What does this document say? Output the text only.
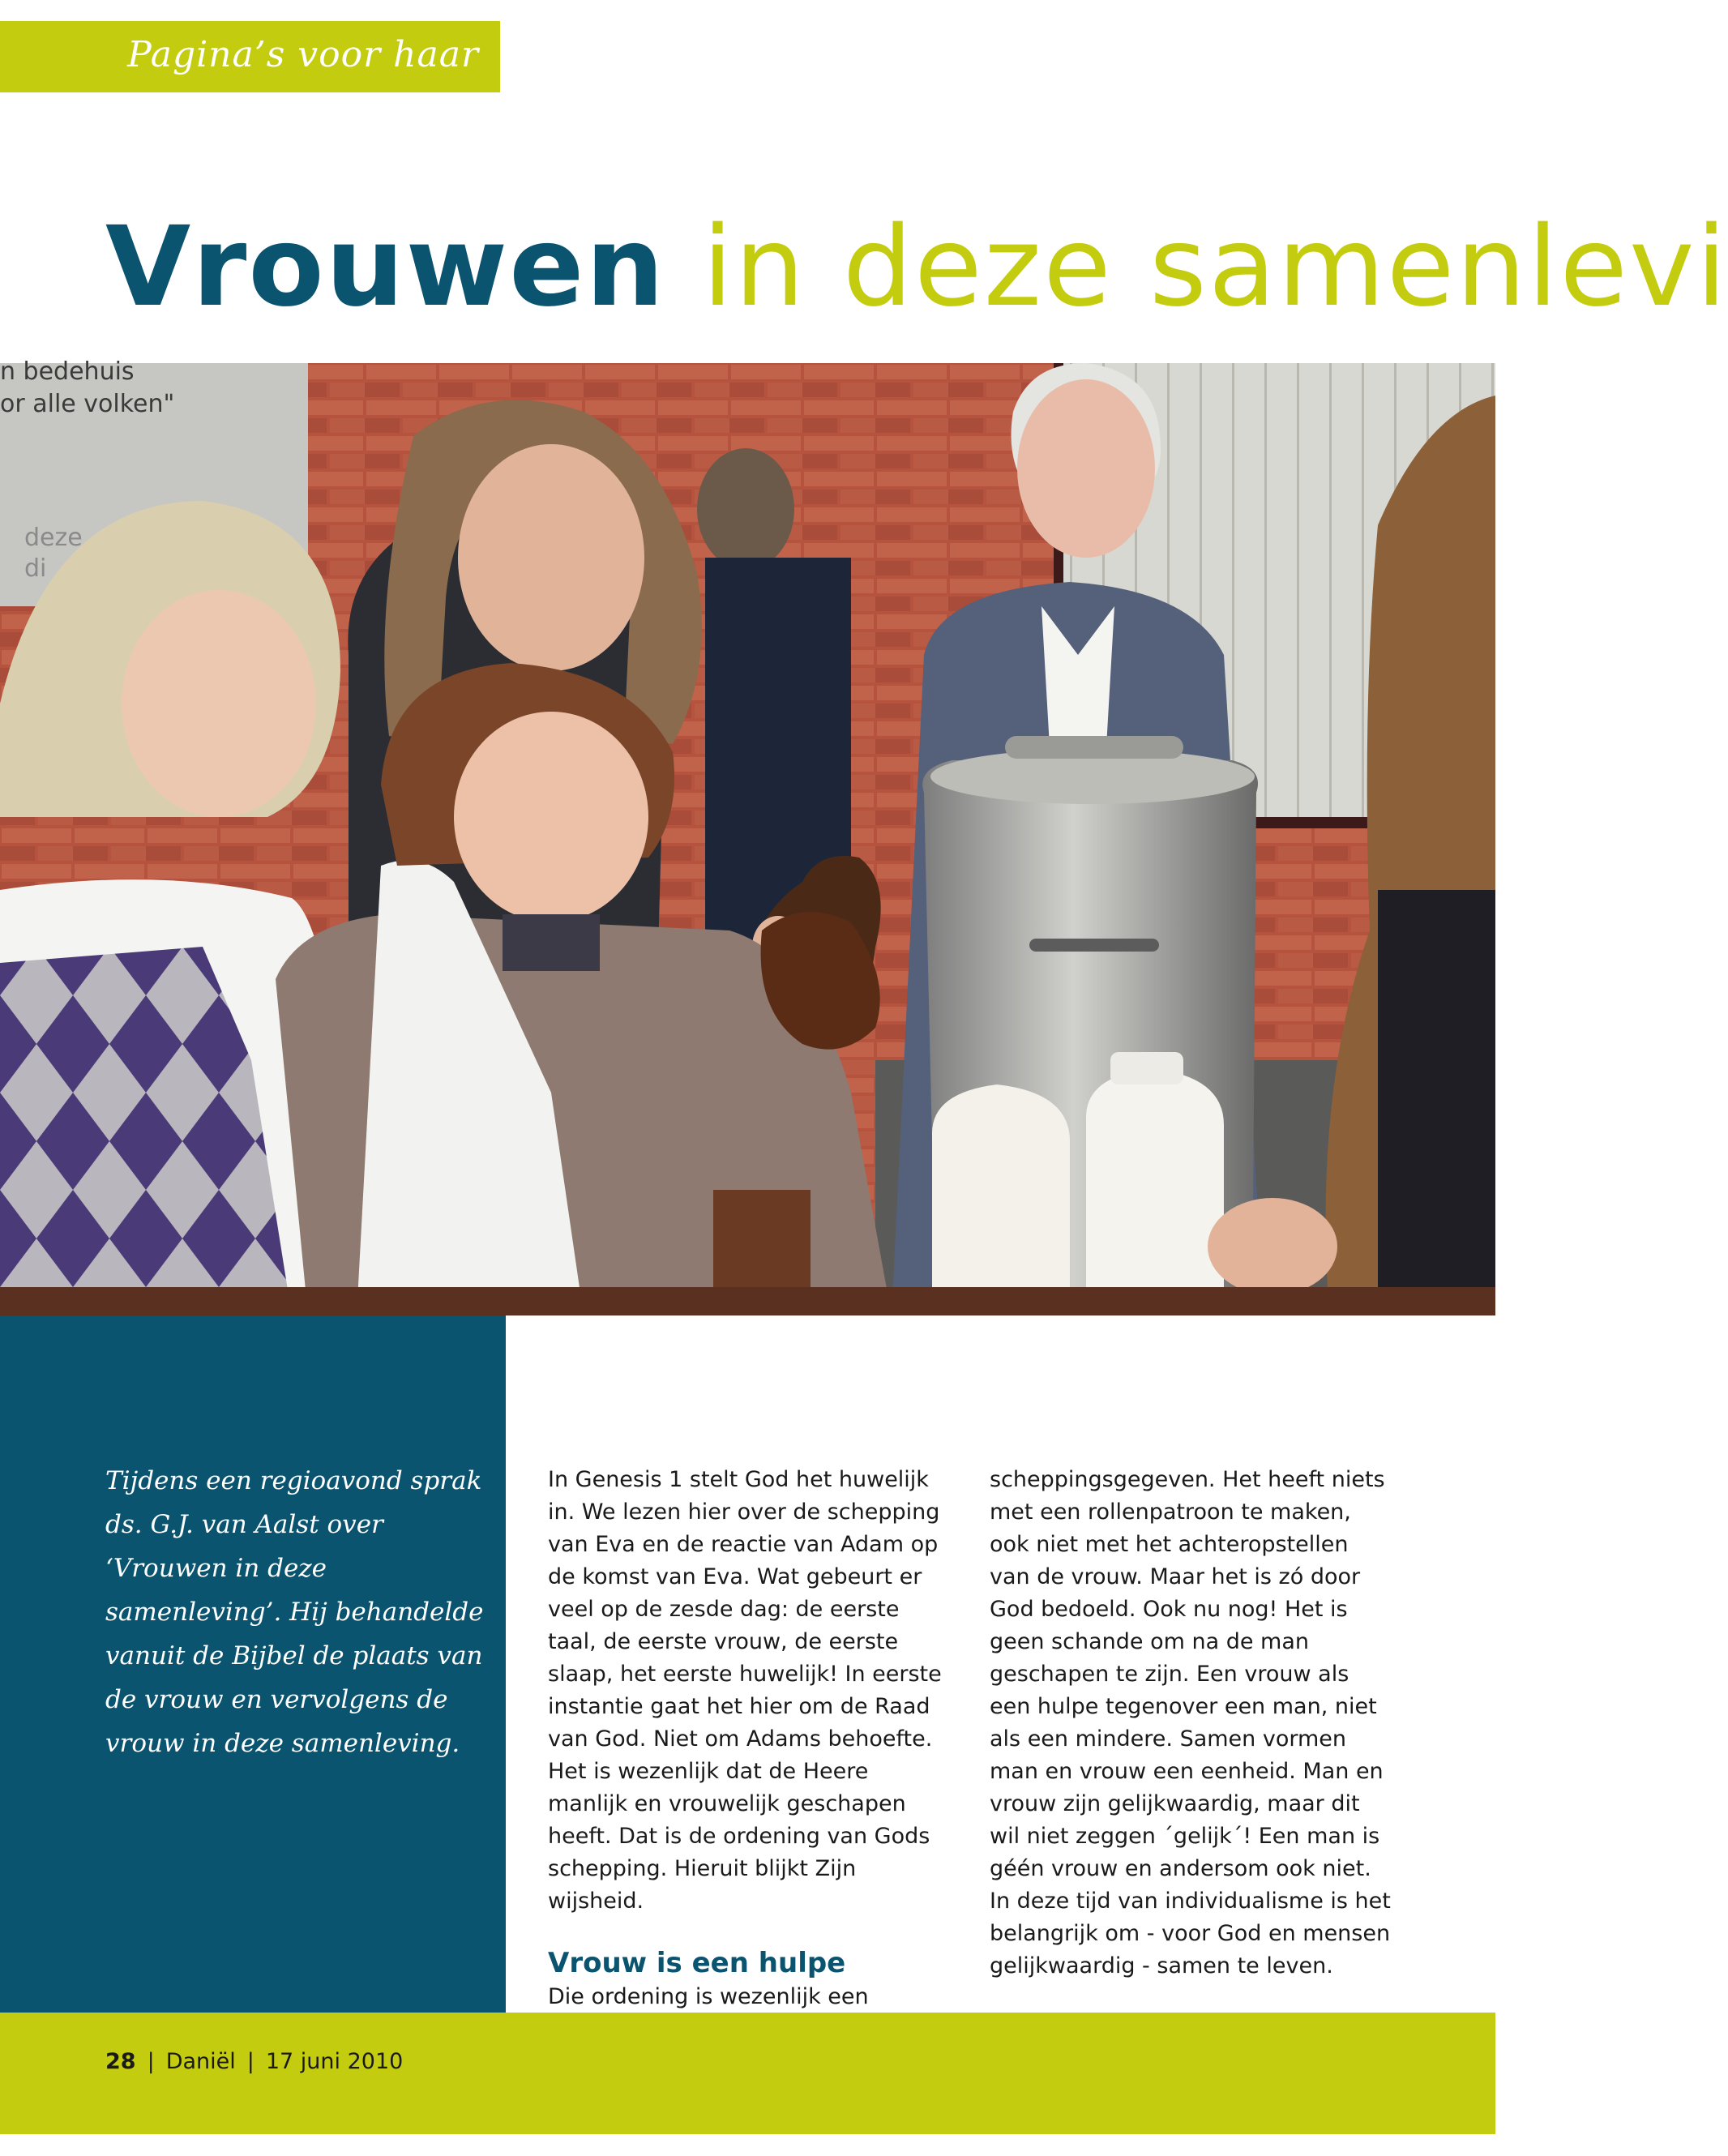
Pagina’s voor haar
Vrouwen in deze samenlevi
n bedehuis
or alle volken"
deze
di
Tijdens een regioavond sprak ds. G.J. van Aalst over ‘Vrouwen in deze samenleving’. Hij behandelde vanuit de Bijbel de plaats van de vrouw en vervolgens de vrouw in deze samenleving.

In Genesis 1 stelt God het huwelijk in. We lezen hier over de schepping van Eva en de reactie van Adam op de komst van Eva. Wat gebeurt er veel op de zesde dag: de eerste taal, de eerste vrouw, de eerste slaap, het eerste huwelijk! In eerste instantie gaat het hier om de Raad van God. Niet om Adams behoefte. Het is wezenlijk dat de Heere manlijk en vrouwelijk geschapen heeft. Dat is de ordening van Gods schepping. Hieruit blijkt Zijn wijsheid.

Vrouw is een hulpe

Die ordening is wezenlijk een

scheppingsgegeven. Het heeft niets met een rollenpatroon te maken, ook niet met het achteropstellen van de vrouw. Maar het is zó door God bedoeld. Ook nu nog! Het is geen schande om na de man geschapen te zijn. Een vrouw als een hulpe tegenover een man, niet als een mindere. Samen vormen man en vrouw een eenheid. Man en vrouw zijn gelijkwaardig, maar dit wil niet zeggen ´gelijk´! Een man is géén vrouw en andersom ook niet. In deze tijd van individualisme is het belangrijk om - voor God en mensen gelijkwaardig - samen te leven.

28 | Daniël | 17 juni 2010
